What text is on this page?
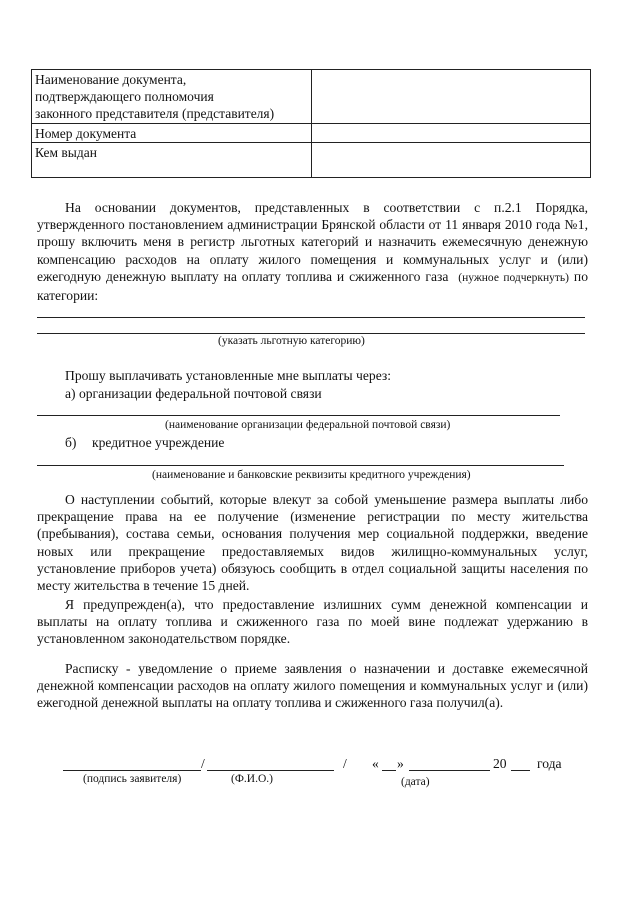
Наименование документа,
подтверждающего полномочия
законного представителя (представителя)	

Номер документа	
Кем выдан	

На основании документов, представленных в соответствии с п.2.1 Порядка, утвержденного постановлением администрации Брянской области от 11 января 2010 года №1, прошу включить меня в регистр льготных категорий и назначить ежемесячную денежную компенсацию расходов на оплату жилого помещения и коммунальных услуг и (или) ежегодную денежную выплату на оплату топлива и сжиженного газа (нужное подчеркнуть) по категории:

(указать льготную категорию)
Прошу выплачивать установленные мне выплаты через:
а) организации федеральной почтовой связи
(наименование организации федеральной почтовой связи)
б) кредитное учреждение
(наименование и банковские реквизиты кредитного учреждения)

О наступлении событий, которые влекут за собой уменьшение размера выплаты либо прекращение права на ее получение (изменение регистрации по месту жительства (пребывания), состава семьи, основания получения мер социальной поддержки, введение новых или прекращение предоставляемых видов жилищно-коммунальных услуг, установление приборов учета) обязуюсь сообщить в отдел социальной защиты населения по месту жительства в течение 15 дней.

Я предупрежден(а), что предоставление излишних сумм денежной компенсации и выплаты на оплату топлива и сжиженного газа по моей вине подлежат удержанию в установленном законодательством порядке.

Расписку - уведомление о приеме заявления о назначении и доставке ежемесячной денежной компенсации расходов на оплату жилого помещения и коммунальных услуг и (или) ежегодной денежной выплаты на оплату топлива и сжиженного газа получил(а).

/	/ « »	20 года
(подпись заявителя)	(Ф.И.О.)	(дата)
